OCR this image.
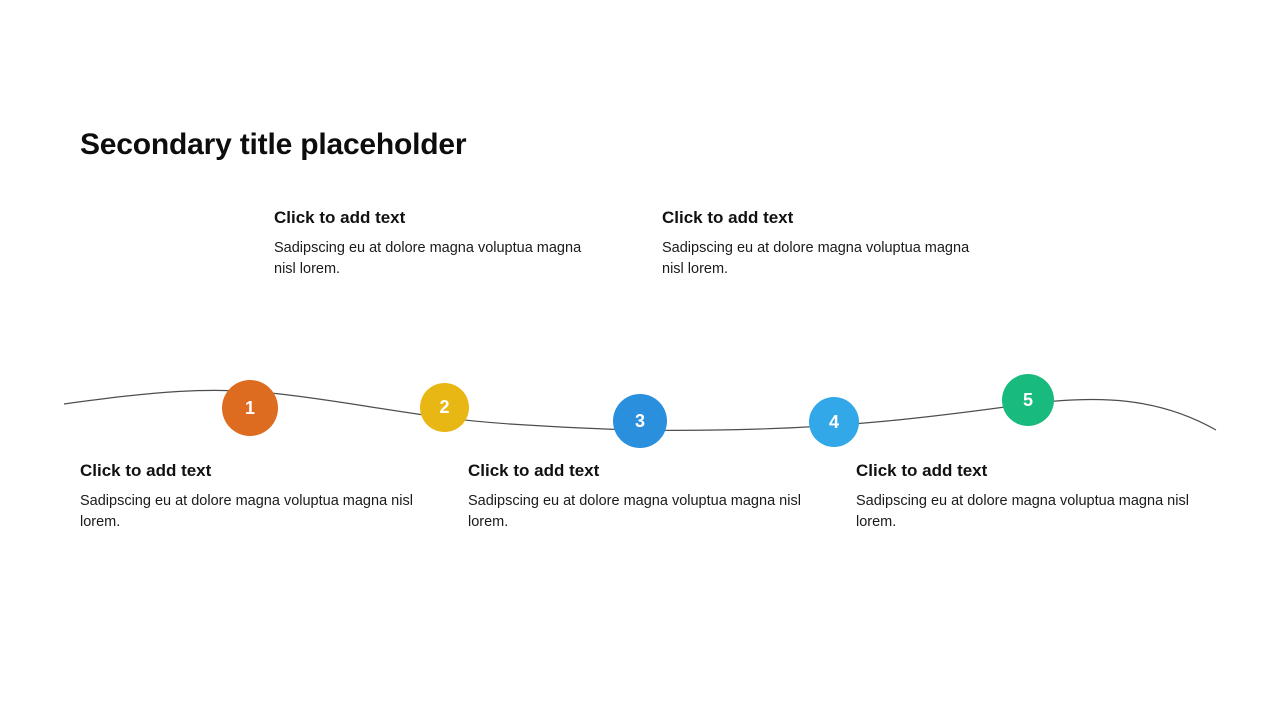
Secondary title placeholder

Click to add text

Sadipscing eu at dolore magna voluptua magna nisl lorem.

Click to add text

Sadipscing eu at dolore magna voluptua magna nisl lorem.

1	2
3	4
5

Click to add text

Sadipscing eu at dolore magna voluptua magna nisl lorem.

Click to add text

Sadipscing eu at dolore magna voluptua magna nisl lorem.

Click to add text

Sadipscing eu at dolore magna voluptua magna nisl lorem.
